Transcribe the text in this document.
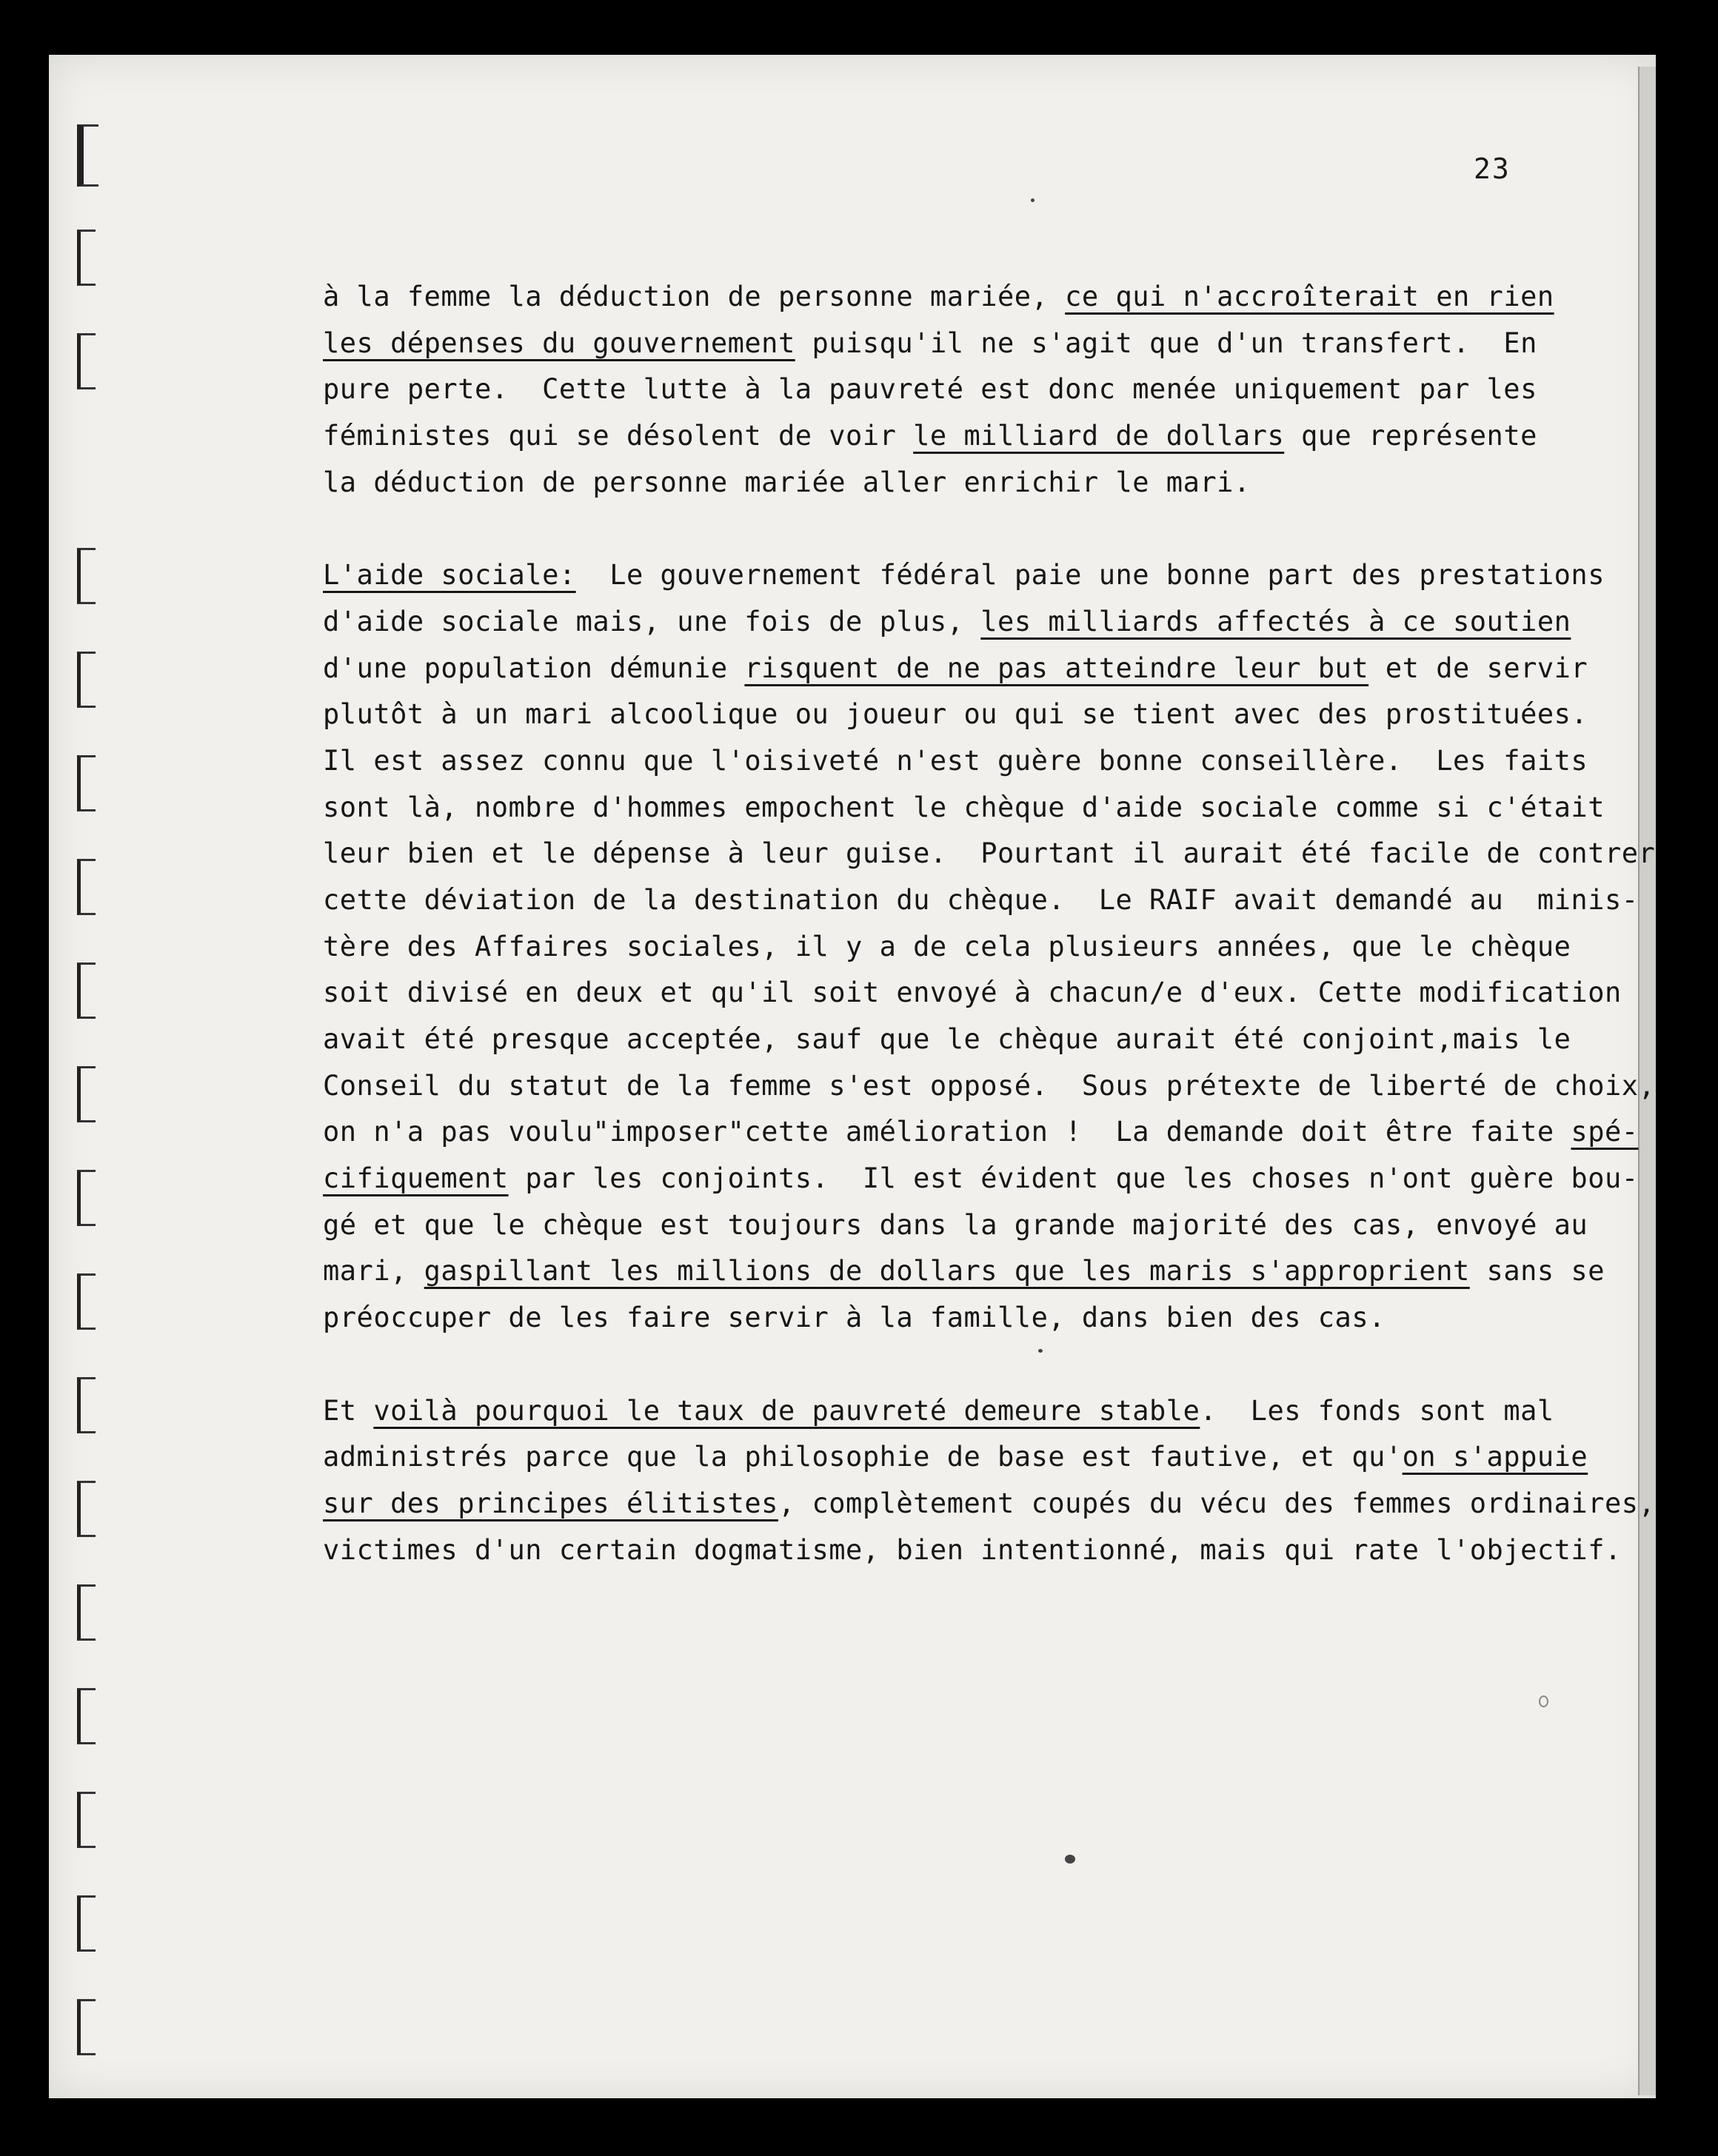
23
à la femme la déduction de personne mariée, ce qui n'accroîterait en rien
les dépenses du gouvernement puisqu'il ne s'agit que d'un transfert.  En
pure perte.  Cette lutte à la pauvreté est donc menée uniquement par les
féministes qui se désolent de voir le milliard de dollars que représente
la déduction de personne mariée aller enrichir le mari.
L'aide sociale:  Le gouvernement fédéral paie une bonne part des prestations
d'aide sociale mais, une fois de plus, les milliards affectés à ce soutien
d'une population démunie risquent de ne pas atteindre leur but et de servir
plutôt à un mari alcoolique ou joueur ou qui se tient avec des prostituées.
Il est assez connu que l'oisiveté n'est guère bonne conseillère.  Les faits
sont là, nombre d'hommes empochent le chèque d'aide sociale comme si c'était
leur bien et le dépense à leur guise.  Pourtant il aurait été facile de contrer
cette déviation de la destination du chèque.  Le RAIF avait demandé au  minis-
tère des Affaires sociales, il y a de cela plusieurs années, que le chèque
soit divisé en deux et qu'il soit envoyé à chacun/e d'eux. Cette modification
avait été presque acceptée, sauf que le chèque aurait été conjoint,mais le
Conseil du statut de la femme s'est opposé.  Sous prétexte de liberté de choix,
on n'a pas voulu"imposer"cette amélioration !  La demande doit être faite spé-
cifiquement par les conjoints.  Il est évident que les choses n'ont guère bou-
gé et que le chèque est toujours dans la grande majorité des cas, envoyé au
mari, gaspillant les millions de dollars que les maris s'approprient sans se
préoccuper de les faire servir à la famille, dans bien des cas.
Et voilà pourquoi le taux de pauvreté demeure stable.  Les fonds sont mal
administrés parce que la philosophie de base est fautive, et qu'on s'appuie
sur des principes élitistes, complètement coupés du vécu des femmes ordinaires,
victimes d'un certain dogmatisme, bien intentionné, mais qui rate l'objectif.
